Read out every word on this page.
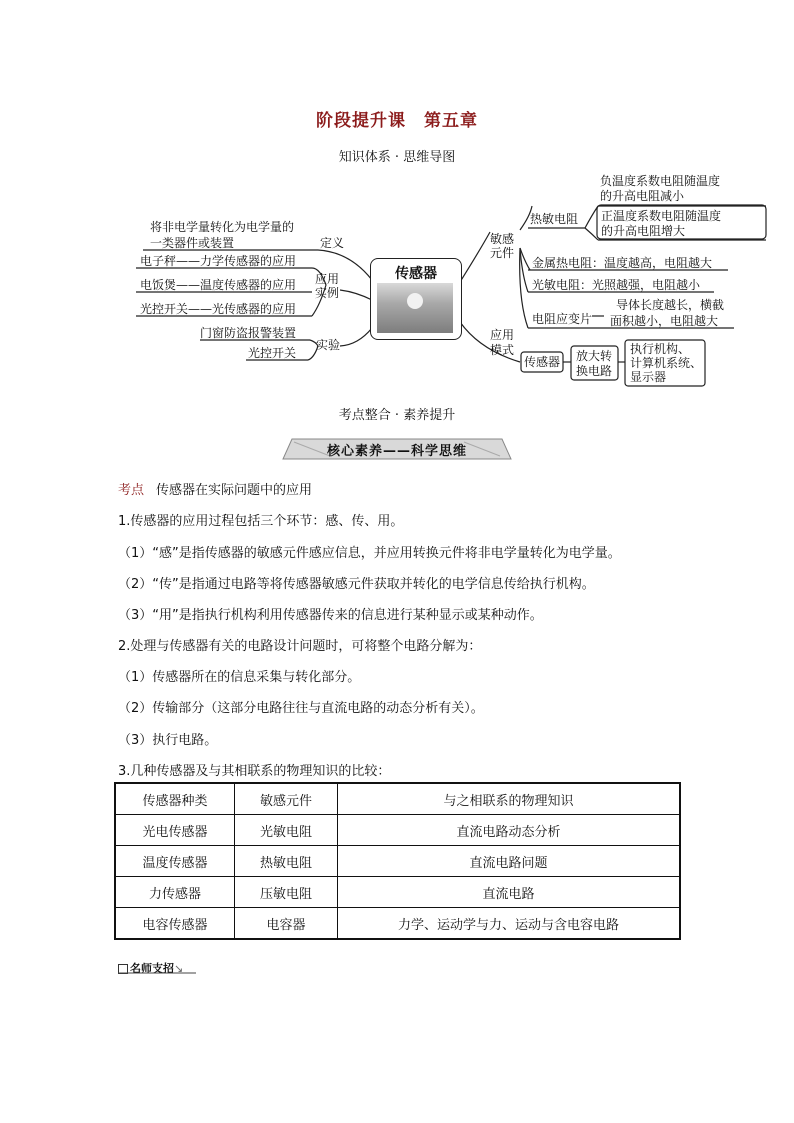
阶段提升课　第五章
知识体系 · 思维导图
传感器
将非电学量转化为电学量的
一类器件或装置	定义
电子秤——力学传感器的应用
电饭煲——温度传感器的应用
光控开关——光传感器的应用
应用
实例
门窗防盗报警装置
光控开关
实验
敏感
元件
热敏电阻
负温度系数电阻随温度
的升高电阻减小
正温度系数电阻随温度
的升高电阻增大
金属热电阻：温度越高，电阻越大
光敏电阻：光照越强，电阻越小
电阻应变片
导体长度越长，横截
面积越小，电阻越大
应用
模式
传感器 放大转
换电路
执行机构、
计算机系统、
显示器
考点整合 · 素养提升
核心素养——科学思维
考点 传感器在实际问题中的应用
1.传感器的应用过程包括三个环节：感、传、用。
（1）“感”是指传感器的敏感元件感应信息，并应用转换元件将非电学量转化为电学量。
（2）“传”是指通过电路等将传感器敏感元件获取并转化的电学信息传给执行机构。
（3）“用”是指执行机构利用传感器传来的信息进行某种显示或某种动作。
2.处理与传感器有关的电路设计问题时，可将整个电路分解为：
（1）传感器所在的信息采集与转化部分。
（2）传输部分（这部分电路往往与直流电路的动态分析有关）。
（3）执行电路。
3.几种传感器及与其相联系的物理知识的比较：
传感器种类	敏感元件	与之相联系的物理知识
光电传感器	光敏电阻	直流电路动态分析
温度传感器	热敏电阻	直流电路问题
力传感器	压敏电阻	直流电路
电容传感器	电容器	力学、运动学与力、运动与含电容电路
名师支招↘
